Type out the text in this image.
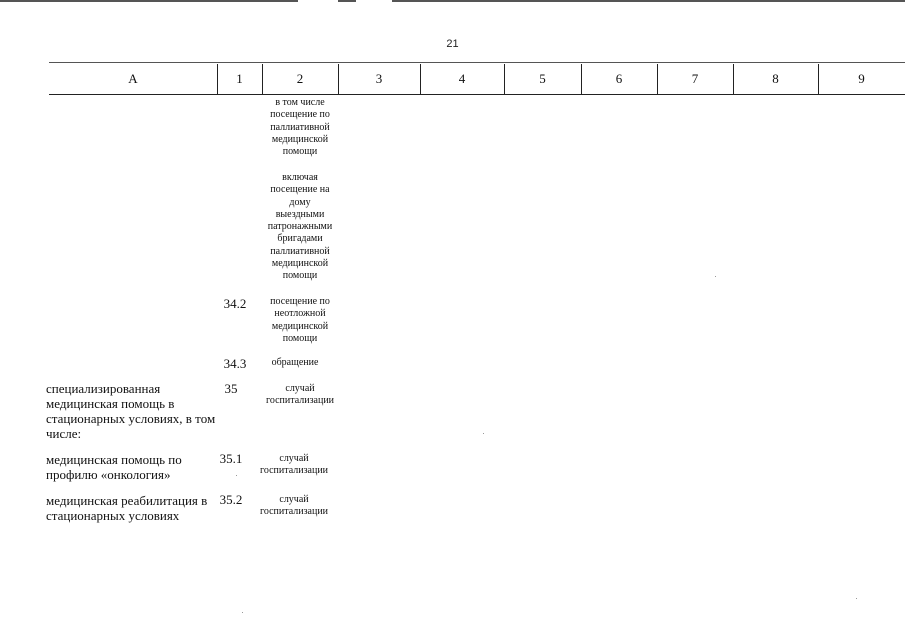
21
А	1	2	3	4	5	6	7	8	9
в том числе
посещение по
паллиативной
медицинской
помощи
включая
посещение на
дому
выездными
патронажными
бригадами
паллиативной
медицинской
помощи
34.2	посещение по
неотложной
медицинской
помощи
34.3	обращение
специализированная медицинская помощь в стационарных условиях, в том числе:
35	случай
госпитализации
медицинская помощь по профилю «онкология»
35.1	случай
госпитализации
медицинская реабилитация в стационарных условиях
35.2	случай
госпитализации
